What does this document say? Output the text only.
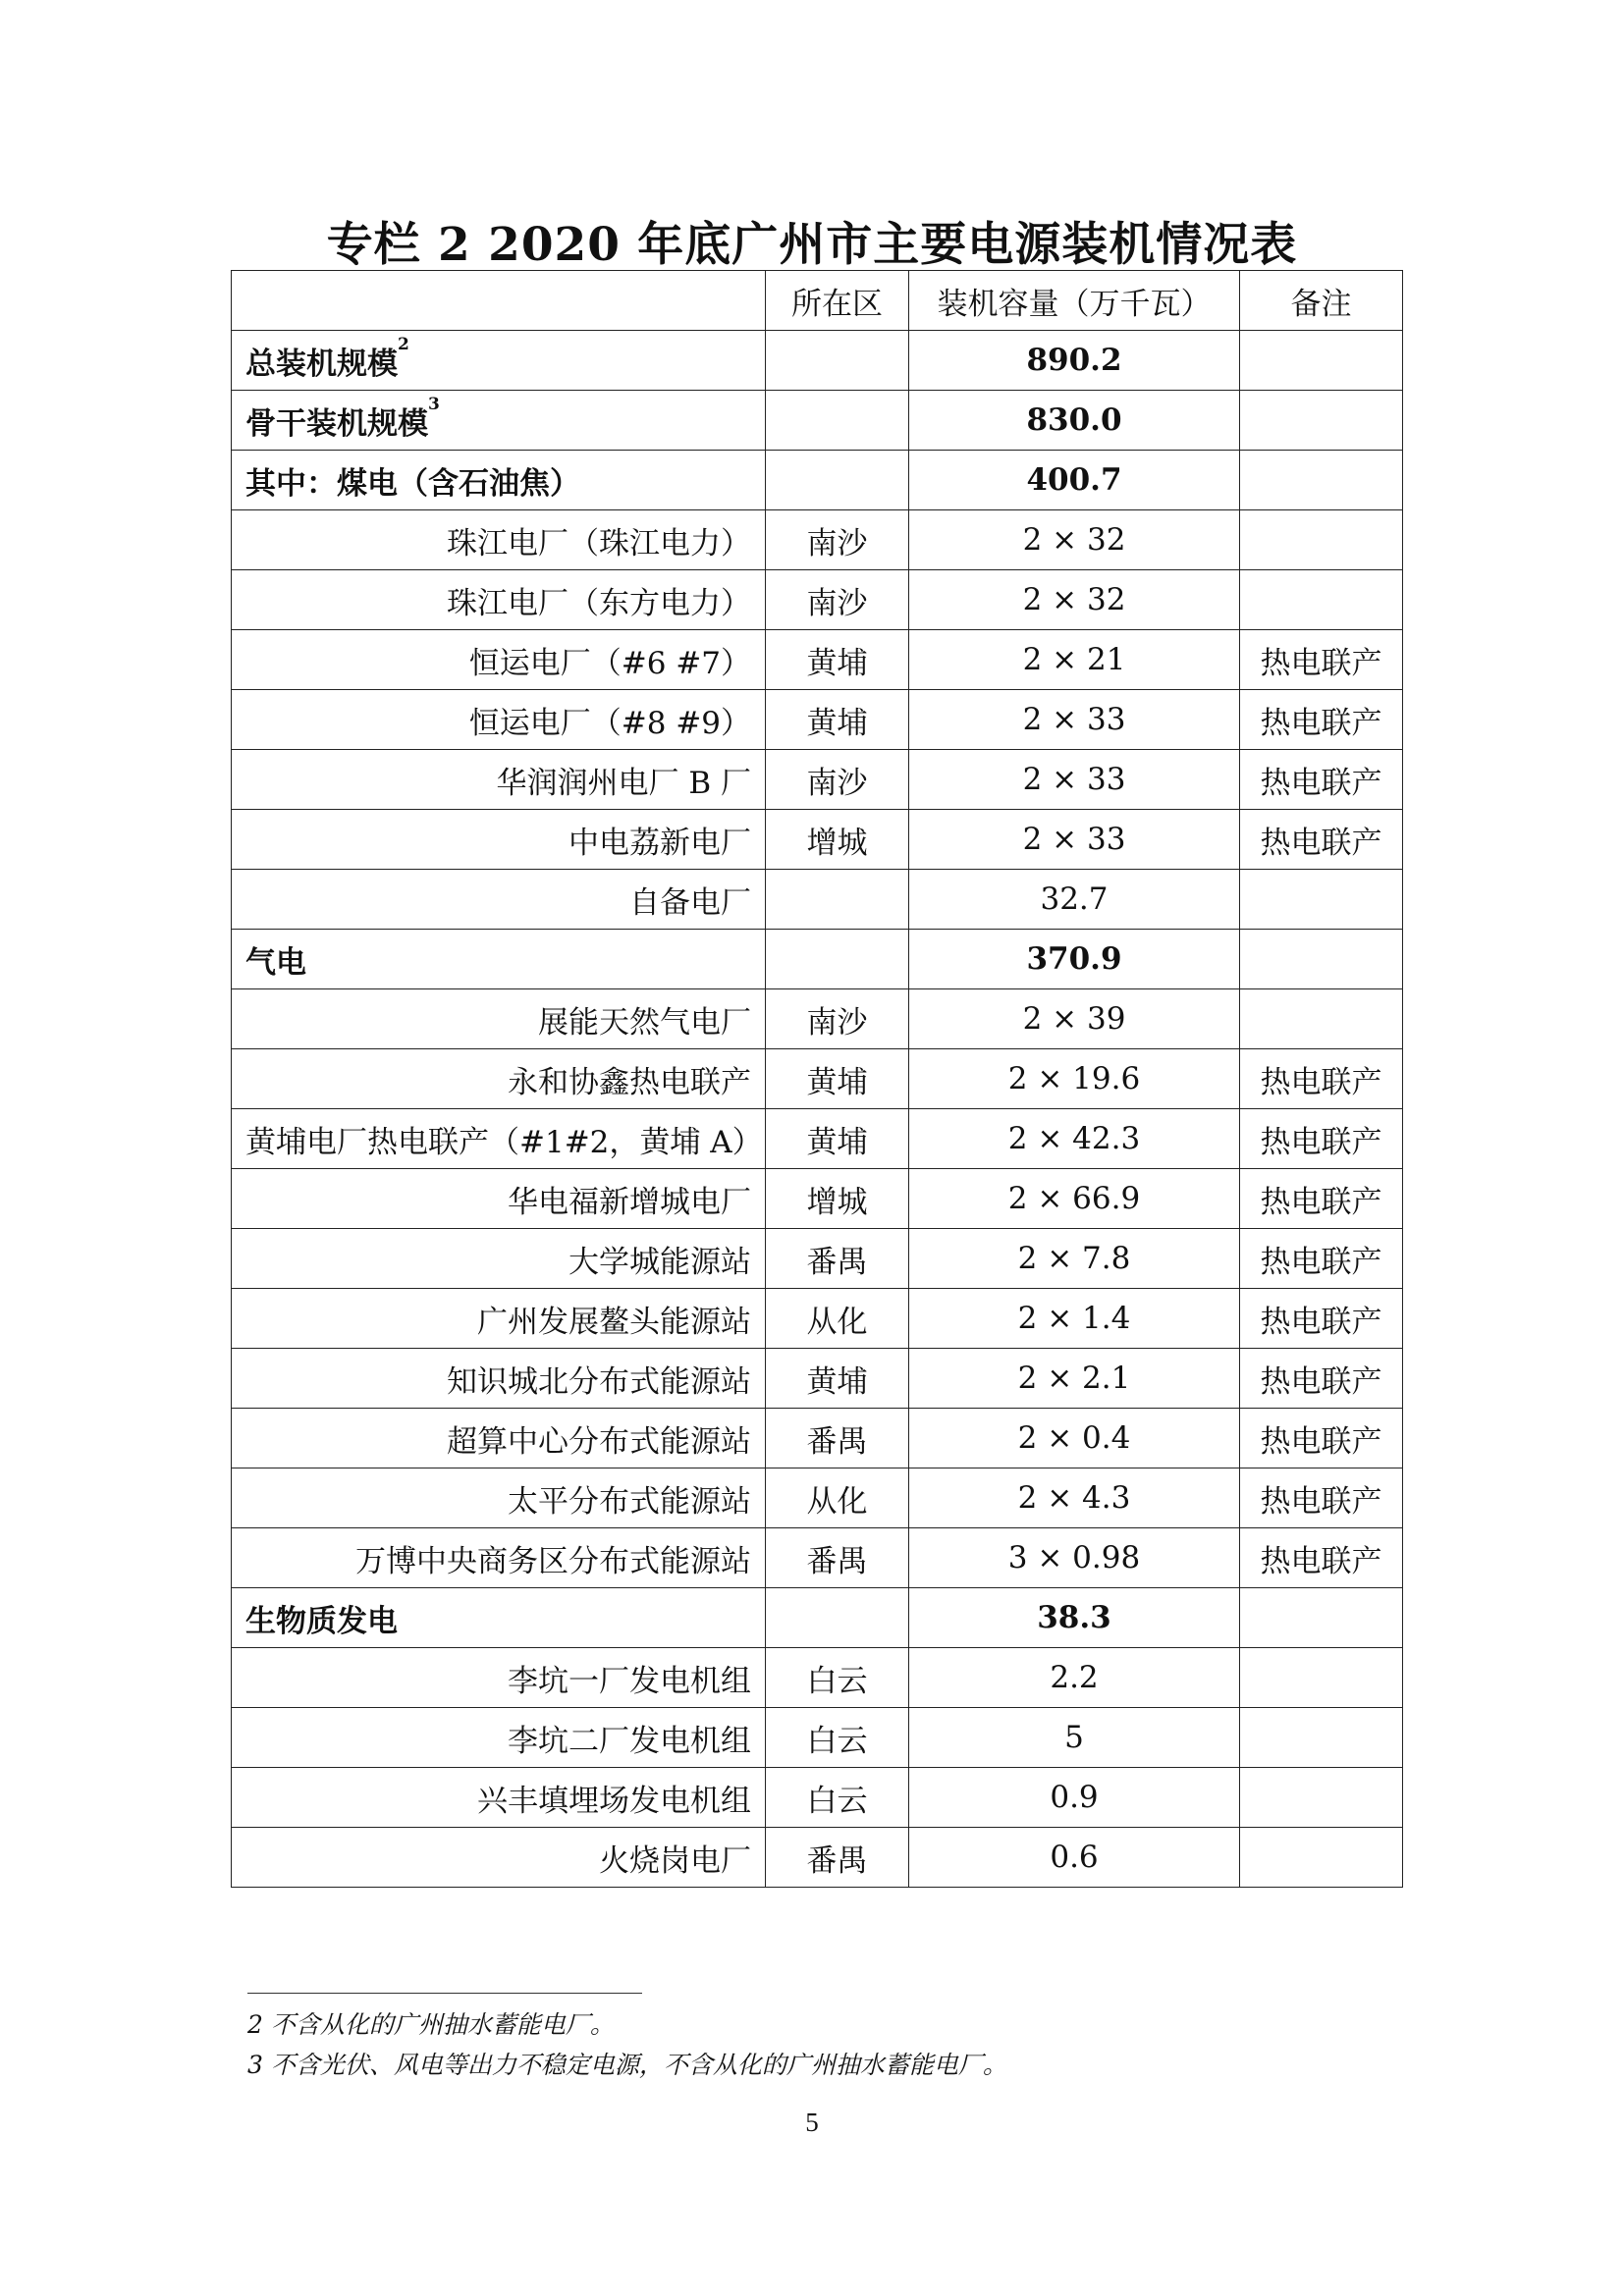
专栏 2 2020 年底广州市主要电源装机情况表
	所在区	装机容量（万千瓦）	备注
总装机规模$^2$		890.2	
骨干装机规模$^3$		830.0	
其中：煤电（含石油焦）		400.7	
珠江电厂（珠江电力）	南沙	2 × 32	
珠江电厂（东方电力）	南沙	2 × 32	
恒运电厂（#6 #7）	黄埔	2 × 21	热电联产
恒运电厂（#8 #9）	黄埔	2 × 33	热电联产
华润润州电厂 B 厂	南沙	2 × 33	热电联产
中电荔新电厂	增城	2 × 33	热电联产
自备电厂		32.7	
气电		370.9	
展能天然气电厂	南沙	2 × 39	
永和协鑫热电联产	黄埔	2 × 19.6	热电联产
黄埔电厂热电联产（#1#2，黄埔 A）	黄埔	2 × 42.3	热电联产
华电福新增城电厂	增城	2 × 66.9	热电联产
大学城能源站	番禺	2 × 7.8	热电联产
广州发展鳌头能源站	从化	2 × 1.4	热电联产
知识城北分布式能源站	黄埔	2 × 2.1	热电联产
超算中心分布式能源站	番禺	2 × 0.4	热电联产
太平分布式能源站	从化	2 × 4.3	热电联产
万博中央商务区分布式能源站	番禺	3 × 0.98	热电联产
生物质发电		38.3	
李坑一厂发电机组	白云	2.2	
李坑二厂发电机组	白云	5	
兴丰填埋场发电机组	白云	0.9	
火烧岗电厂	番禺	0.6	
2 不含从化的广州抽水蓄能电厂。
3 不含光伏、风电等出力不稳定电源，不含从化的广州抽水蓄能电厂。
5
